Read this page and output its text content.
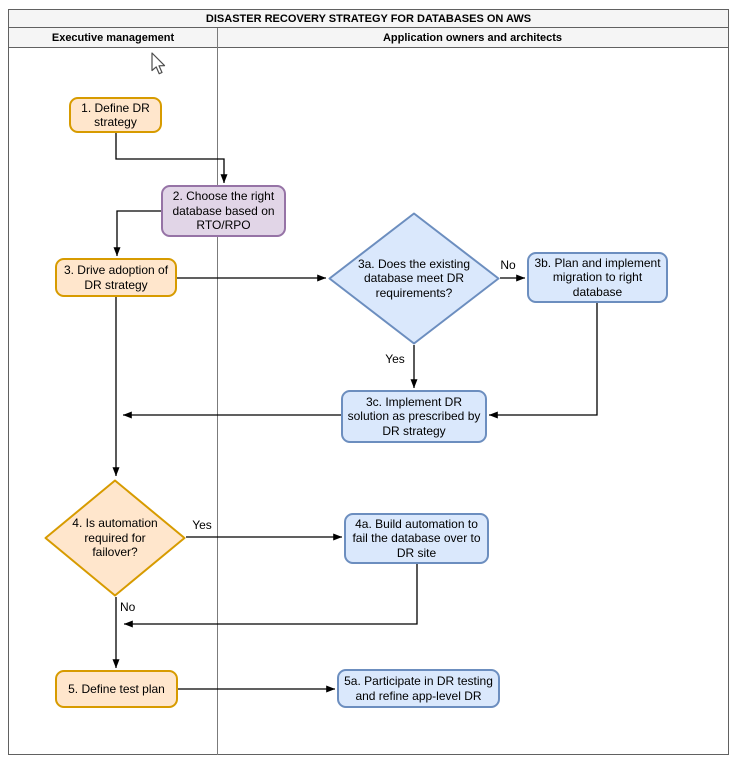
DISASTER RECOVERY STRATEGY FOR DATABASES ON AWS
Executive management	Application owners and architects
1. Define DR strategy
2. Choose the right database based on RTO/RPO
3. Drive adoption of DR strategy
3a. Does the existing database meet DR requirements?
3b. Plan and implement migration to right database
3c. Implement DR solution as prescribed by DR strategy
4. Is automation required for failover?
4a. Build automation to fail the database over to DR site
5. Define test plan
5a. Participate in DR testing and refine app-level DR
No
Yes
Yes
No
